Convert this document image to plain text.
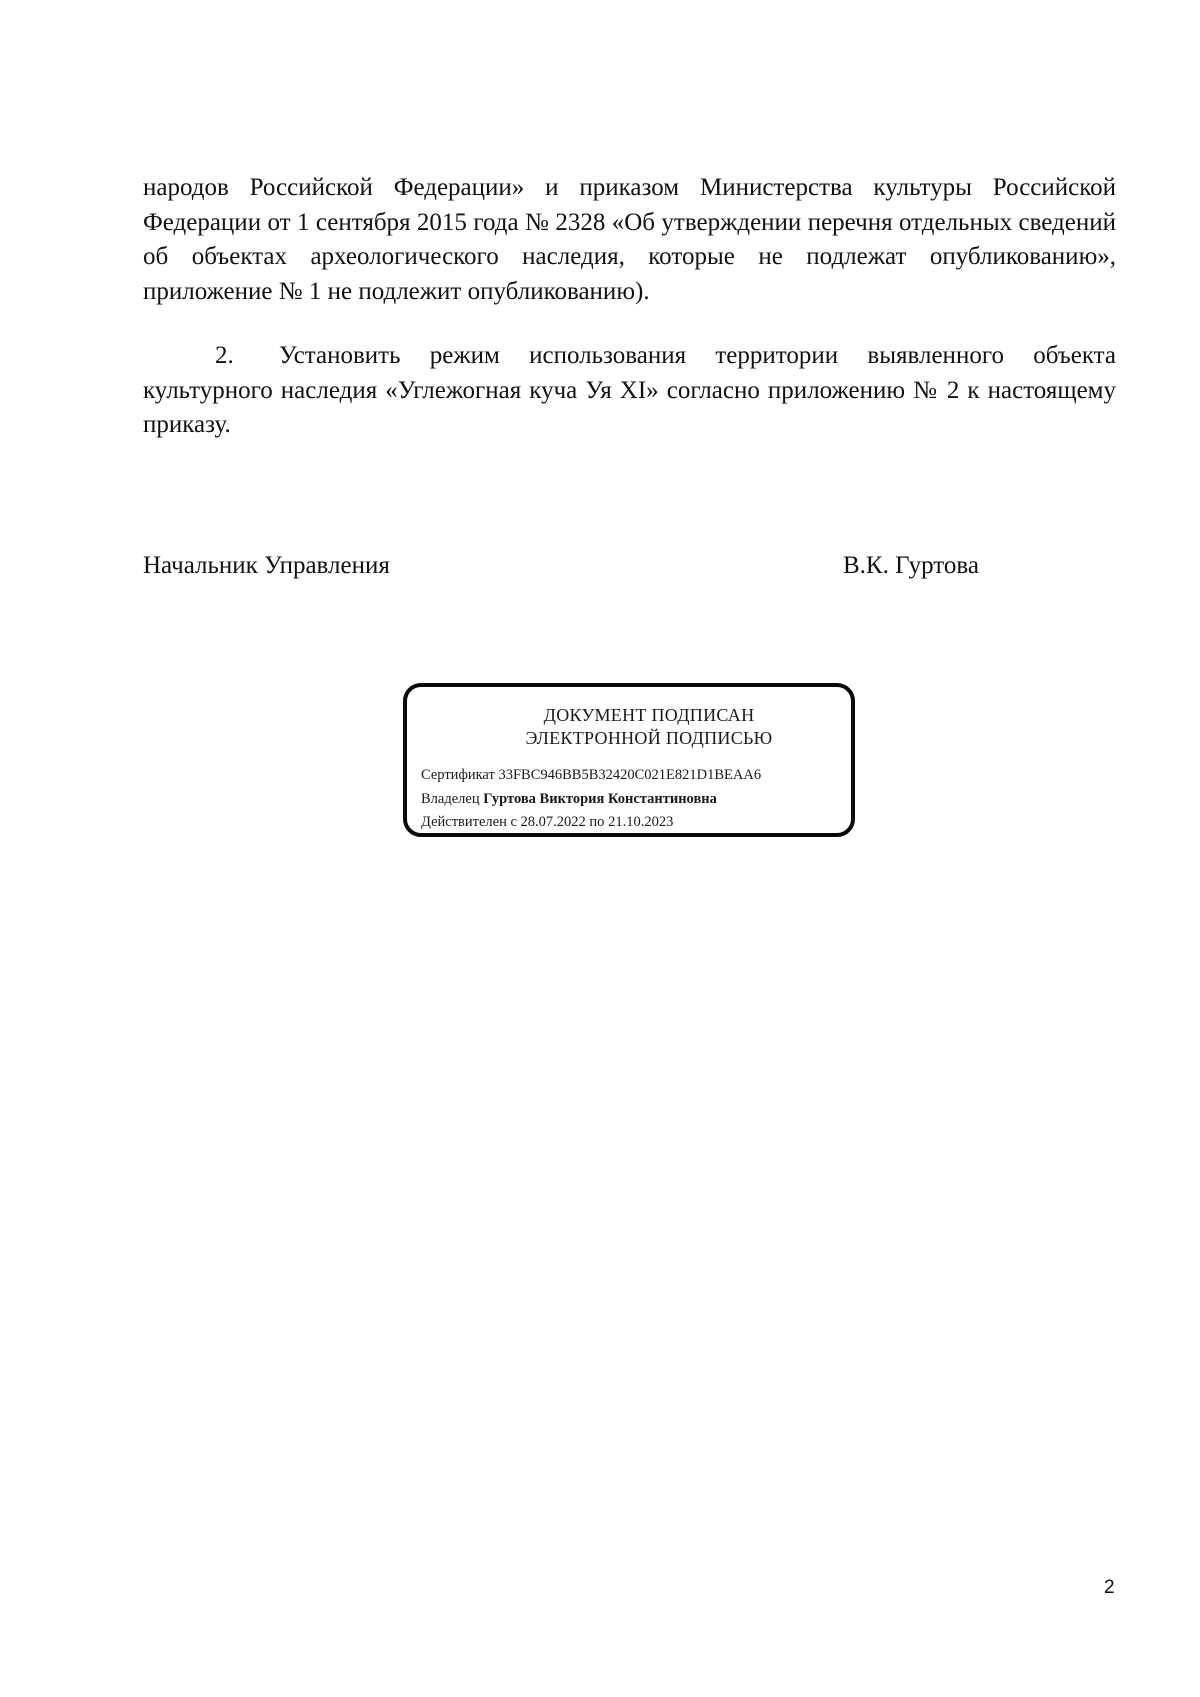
народов Российской Федерации» и приказом Министерства культуры Российской Федерации от 1 сентября 2015 года № 2328 «Об утверждении перечня отдельных сведений об объектах археологического наследия, которые не подлежат опубликованию», приложение № 1 не подлежит опубликованию).

2. Установить режим использования территории выявленного объекта культурного наследия «Углежогная куча Уя XI» согласно приложению № 2 к настоящему приказу.

Начальник Управления	В.К. Гуртова
ДОКУМЕНТ ПОДПИСАН
ЭЛЕКТРОННОЙ ПОДПИСЬЮ
Сертификат 33FBC946BB5B32420C021E821D1BEAA6
Владелец Гуртова Виктория Константиновна
Действителен с 28.07.2022 по 21.10.2023
2
